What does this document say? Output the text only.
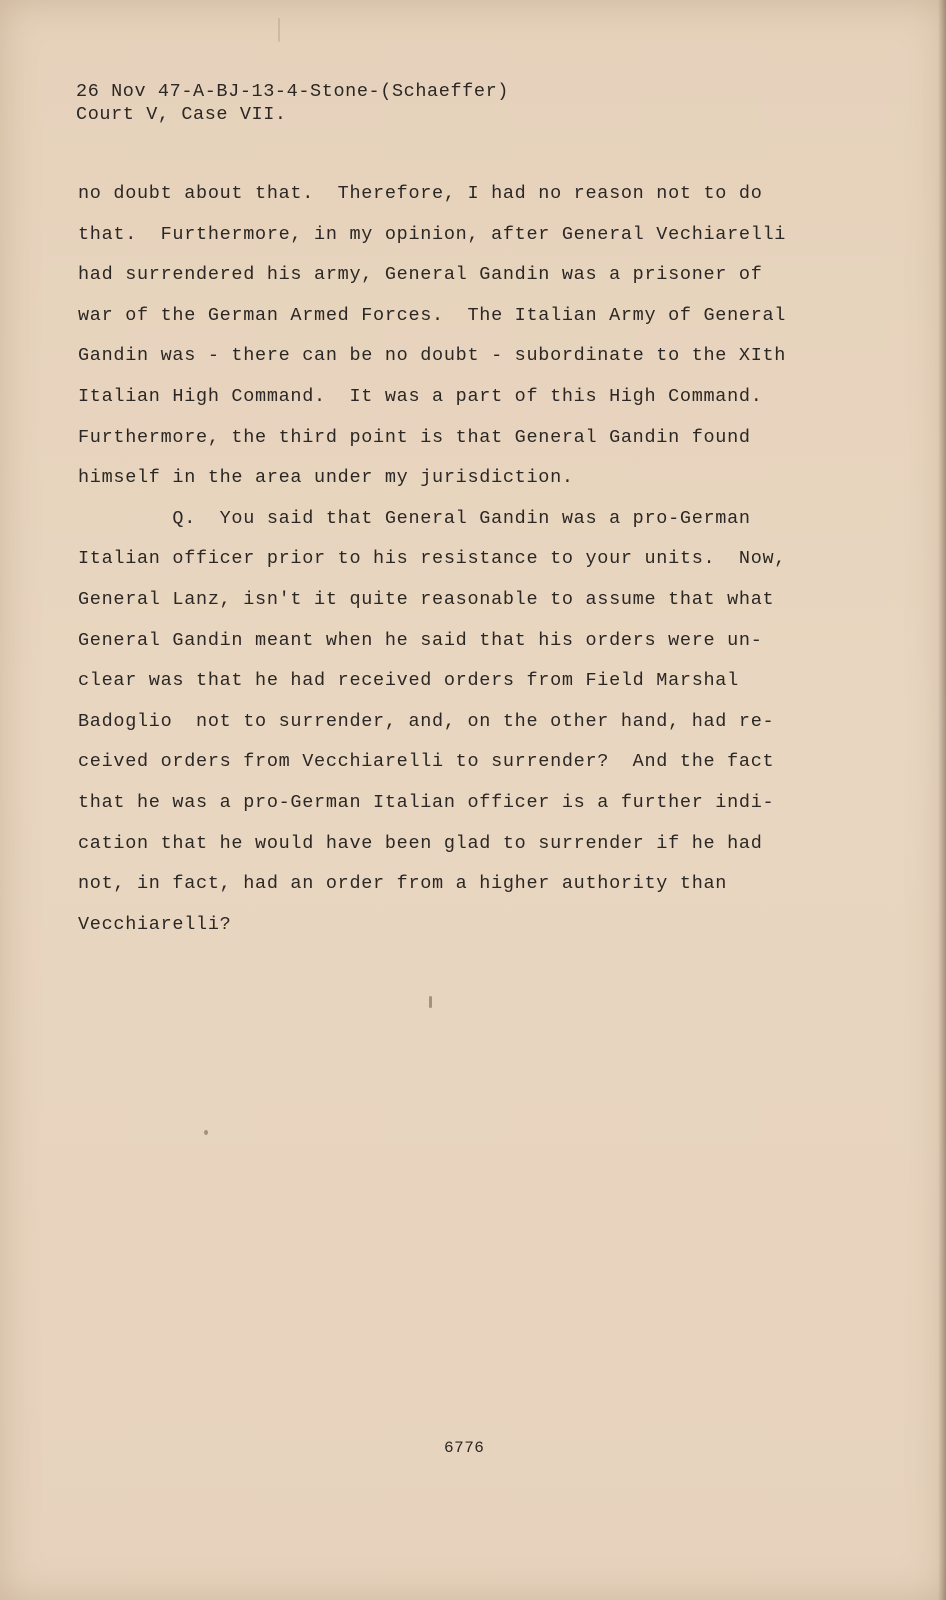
26 Nov 47-A-BJ-13-4-Stone-(Schaeffer)
Court V, Case VII.
no doubt about that.  Therefore, I had no reason not to do
that.  Furthermore, in my opinion, after General Vechiarelli
had surrendered his army, General Gandin was a prisoner of
war of the German Armed Forces.  The Italian Army of General
Gandin was - there can be no doubt - subordinate to the XIth
Italian High Command.  It was a part of this High Command.
Furthermore, the third point is that General Gandin found
himself in the area under my jurisdiction.
Q.  You said that General Gandin was a pro-German
Italian officer prior to his resistance to your units.  Now,
General Lanz, isn't it quite reasonable to assume that what
General Gandin meant when he said that his orders were un-
clear was that he had received orders from Field Marshal
Badoglio  not to surrender, and, on the other hand, had re-
ceived orders from Vecchiarelli to surrender?  And the fact
that he was a pro-German Italian officer is a further indi-
cation that he would have been glad to surrender if he had
not, in fact, had an order from a higher authority than
Vecchiarelli?
6776
